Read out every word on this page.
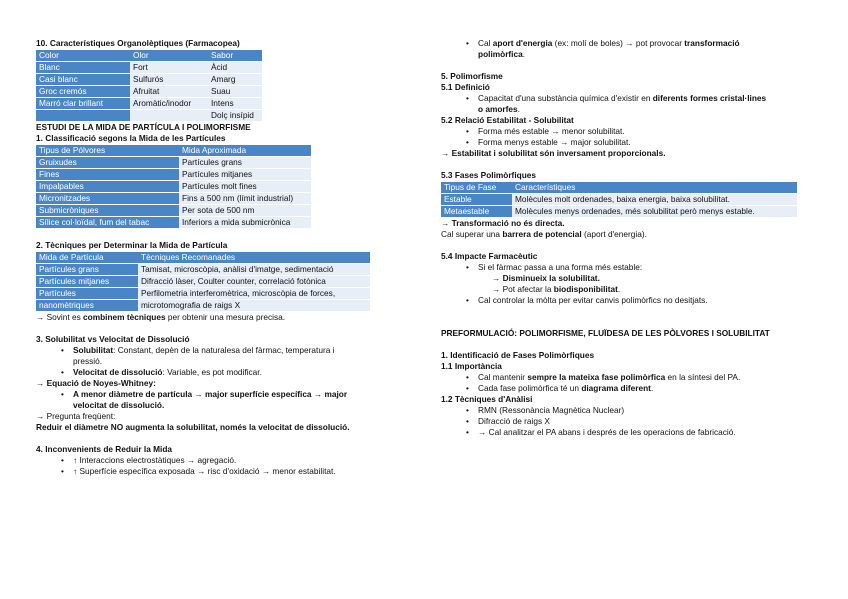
10. Característiques Organolèptiques (Farmacopea)

Color	Olor	Sabor
Blanc	Fort	Àcid
Casi blanc	Sulfurós	Amarg
Groc cremós	Afruitat	Suau
Marró clar brillant	Aromàtic/inodor	Intens
		Dolç insípid

ESTUDI DE LA MIDA DE PARTÍCULA I POLIMORFISME

1. Classificació segons la Mida de les Partícules

Tipus de Pólvores	Mida Aproximada
Gruixudes	Partícules grans
Fines	Partícules mitjanes
Impalpables	Partícules molt fines
Micronitzades	Fins a 500 nm (límit industrial)
Submicròniques	Per sota de 500 nm
Sílice col·loïdal, fum del tabac	Inferiors a mida submicrònica

2. Tècniques per Determinar la Mida de Partícula

Mida de Partícula	Tècniques Recomanades
Partícules grans	Tamisat, microscòpia, anàlisi d'imatge, sedimentació
Partícules mitjanes	Difracció làser, Coulter counter, correlació fotònica
Partícules	Perfilometria interferomètrica, microscòpia de forces,
nanomètriques	microtomografia de raigs X

→ Sovint es combinem tècniques per obtenir una mesura precisa.

3. Solubilitat vs Velocitat de Dissolució

• Solubilitat: Constant, depèn de la naturalesa del fàrmac, temperatura i
pressió.
• Velocitat de dissolució: Variable, es pot modificar.

→ Equació de Noyes-Whitney:

• A menor diàmetre de partícula → major superfície específica → major
velocitat de dissolució.

→ Pregunta freqüent:

Reduir el diàmetre NO augmenta la solubilitat, només la velocitat de dissolució.

4. Inconvenients de Reduir la Mida

• ↑ Interaccions electrostàtiques → agregació.
• ↑ Superfície específica exposada → risc d'oxidació → menor estabilitat.
• Cal aport d'energia (ex: molí de boles) → pot provocar transformació
polimòrfica.

5. Polimorfisme

5.1 Definició

• Capacitat d'una substància química d'existir en diferents formes cristal·lines
o amorfes.

5.2 Relació Estabilitat - Solubilitat

• Forma més estable → menor solubilitat.
• Forma menys estable → major solubilitat.

→ Estabilitat i solubilitat són inversament proporcionals.

5.3 Fases Polimòrfiques

Tipus de Fase	Característiques
Estable	Molècules molt ordenades, baixa energia, baixa solubilitat.
Metaestable	Molècules menys ordenades, més solubilitat però menys estable.

→ Transformació no és directa.

Cal superar una barrera de potencial (aport d'energia).

5.4 Impacte Farmacèutic

• Si el fàrmac passa a una forma més estable:
→ Disminueix la solubilitat.
→ Pot afectar la biodisponibilitat.
• Cal controlar la mòlta per evitar canvis polimòrfics no desitjats.

PREFORMULACIÓ: POLIMORFISME, FLUÏDESA DE LES PÒLVORES I SOLUBILITAT

1. Identificació de Fases Polimòrfiques

1.1 Importància

• Cal mantenir sempre la mateixa fase polimòrfica en la síntesi del PA.
• Cada fase polimòrfica té un diagrama diferent.

1.2 Tècniques d'Anàlisi

• RMN (Ressonància Magnètica Nuclear)
• Difracció de raigs X
• → Cal analitzar el PA abans i després de les operacions de fabricació.
